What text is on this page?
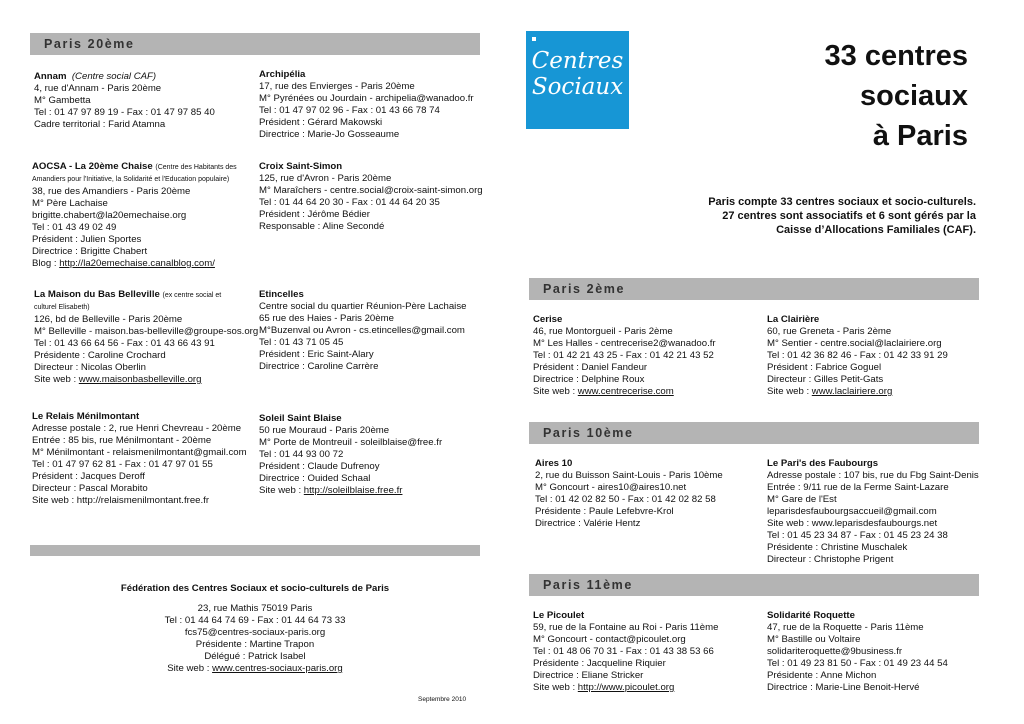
Paris 20ème
Annam (Centre social CAF)
4, rue d'Annam - Paris 20ème
M° Gambetta
Tel : 01 47 97 89 19 - Fax : 01 47 97 85 40
Cadre territorial : Farid Atamna
Archipélia
17, rue des Envierges - Paris 20ème
M° Pyrénées ou Jourdain - archipelia@wanadoo.fr
Tel : 01 47 97 02 96 - Fax : 01 43 66 78 74
Président : Gérard Makowski
Directrice : Marie-Jo Gosseaume
AOCSA - La 20ème Chaise (Centre des Habitants des
Amandiers pour l'Initiative, la Solidarité et l'Education populaire)
38, rue des Amandiers - Paris 20ème
M° Père Lachaise
brigitte.chabert@la20emechaise.org
Tel : 01 43 49 02 49
Président : Julien Sportes
Directrice : Brigitte Chabert
Blog : http://la20emechaise.canalblog.com/
Croix Saint-Simon
125, rue d'Avron - Paris 20ème
M° Maraîchers - centre.social@croix-saint-simon.org
Tel : 01 44 64 20 30 - Fax : 01 44 64 20 35
Président : Jérôme Bédier
Responsable : Aline Secondé
La Maison du Bas Belleville (ex centre social et
culturel Elisabeth)
126, bd de Belleville - Paris 20ème
M° Belleville - maison.bas-belleville@groupe-sos.org
Tel : 01 43 66 64 56 - Fax : 01 43 66 43 91
Présidente : Caroline Crochard
Directeur : Nicolas Oberlin
Site web : www.maisonbasbelleville.org
Etincelles
Centre social du quartier Réunion-Père Lachaise
65 rue des Haies - Paris 20ème
M°Buzenval ou Avron - cs.etincelles@gmail.com
Tel : 01 43 71 05 45
Président : Eric Saint-Alary
Directrice : Caroline Carrère
Le Relais Ménilmontant
Adresse postale : 2, rue Henri Chevreau - 20ème
Entrée : 85 bis, rue Ménilmontant - 20ème
M° Ménilmontant - relaismenilmontant@gmail.com
Tel : 01 47 97 62 81 - Fax : 01 47 97 01 55
Président : Jacques Deroff
Directeur : Pascal Morabito
Site web : http://relaismenilmontant.free.fr
Soleil Saint Blaise
50 rue Mouraud - Paris 20ème
M° Porte de Montreuil - soleilblaise@free.fr
Tel : 01 44 93 00 72
Président : Claude Dufrenoy
Directrice : Ouided Schaal
Site web : http://soleilblaise.free.fr
Fédération des Centres Sociaux et socio-culturels de Paris
23, rue Mathis 75019 Paris
Tel : 01 44 64 74 69 - Fax : 01 44 64 73 33
fcs75@centres-sociaux-paris.org
Présidente : Martine Trapon
Délégué : Patrick Isabel
Site web : www.centres-sociaux-paris.org
Septembre 2010
Centres
Sociaux
33 centres
sociaux
à Paris
Paris compte 33 centres sociaux et socio-culturels.
27 centres sont associatifs et 6 sont gérés par la
Caisse d’Allocations Familiales (CAF).
Paris 2ème
Cerise
46, rue Montorgueil - Paris 2ème
M° Les Halles - centrecerise2@wanadoo.fr
Tel : 01 42 21 43 25 - Fax : 01 42 21 43 52
Président : Daniel Fandeur
Directrice : Delphine Roux
Site web : www.centrecerise.com
La Clairière
60, rue Greneta - Paris 2ème
M° Sentier - centre.social@laclairiere.org
Tel : 01 42 36 82 46 - Fax : 01 42 33 91 29
Président : Fabrice Goguel
Directeur : Gilles Petit-Gats
Site web : www.laclairiere.org
Paris 10ème
Aires 10
2, rue du Buisson Saint-Louis - Paris 10ème
M° Goncourt - aires10@aires10.net
Tel : 01 42 02 82 50 - Fax : 01 42 02 82 58
Présidente : Paule Lefebvre-Krol
Directrice : Valérie Hentz
Le Pari's des Faubourgs
Adresse postale : 107 bis, rue du Fbg Saint-Denis
Entrée : 9/11 rue de la Ferme Saint-Lazare
M° Gare de l'Est
leparisdesfaubourgsaccueil@gmail.com
Site web : www.leparisdesfaubourgs.net
Tel : 01 45 23 34 87 - Fax : 01 45 23 24 38
Présidente : Christine Muschalek
Directeur : Christophe Prigent
Paris 11ème
Le Picoulet
59, rue de la Fontaine au Roi - Paris 11ème
M° Goncourt - contact@picoulet.org
Tel : 01 48 06 70 31 - Fax : 01 43 38 53 66
Présidente : Jacqueline Riquier
Directrice : Eliane Stricker
Site web : http://www.picoulet.org
Solidarité Roquette
47, rue de la Roquette - Paris 11ème
M° Bastille ou Voltaire
solidariteroquette@9business.fr
Tel : 01 49 23 81 50 - Fax : 01 49 23 44 54
Présidente : Anne Michon
Directrice : Marie-Line Benoit-Hervé
